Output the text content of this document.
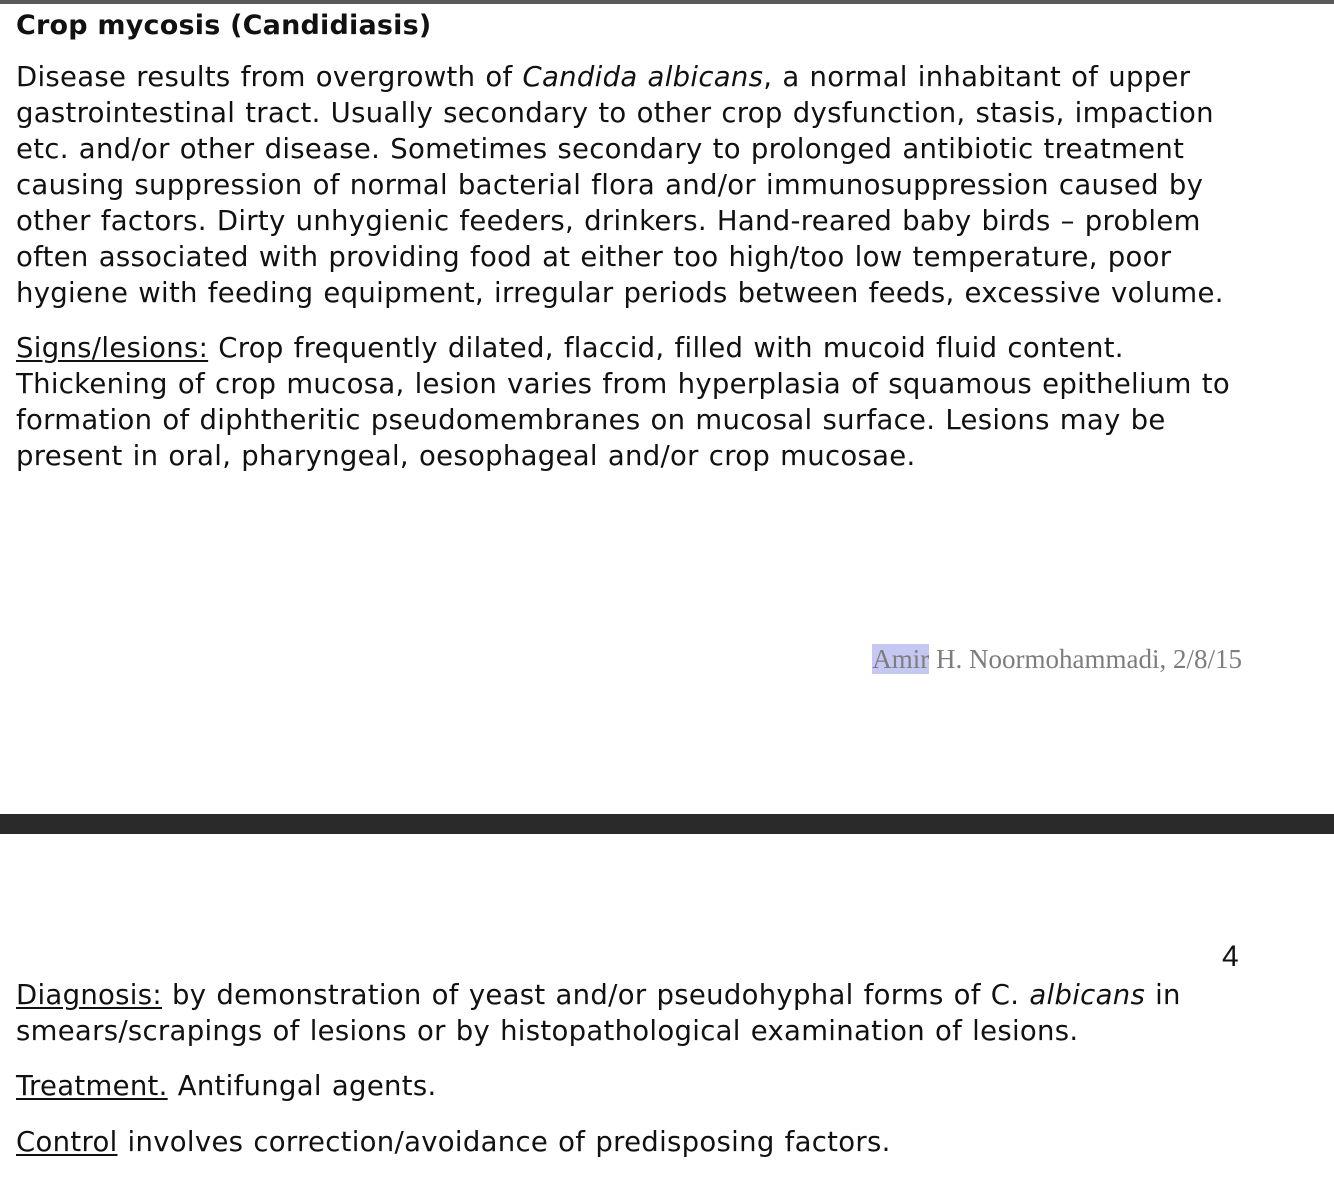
Crop mycosis (Candidiasis)

Disease results from overgrowth of Candida albicans, a normal inhabitant of upper
gastrointestinal tract. Usually secondary to other crop dysfunction, stasis, impaction
etc. and/or other disease. Sometimes secondary to prolonged antibiotic treatment
causing suppression of normal bacterial flora and/or immunosuppression caused by
other factors. Dirty unhygienic feeders, drinkers. Hand-reared baby birds – problem
often associated with providing food at either too high/too low temperature, poor
hygiene with feeding equipment, irregular periods between feeds, excessive volume.

Signs/lesions: Crop frequently dilated, flaccid, filled with mucoid fluid content.
Thickening of crop mucosa, lesion varies from hyperplasia of squamous epithelium to
formation of diphtheritic pseudomembranes on mucosal surface. Lesions may be
present in oral, pharyngeal, oesophageal and/or crop mucosae.

Amir H. Noormohammadi, 2/8/15
4

Diagnosis: by demonstration of yeast and/or pseudohyphal forms of C. albicans in
smears/scrapings of lesions or by histopathological examination of lesions.

Treatment. Antifungal agents.

Control involves correction/avoidance of predisposing factors.
